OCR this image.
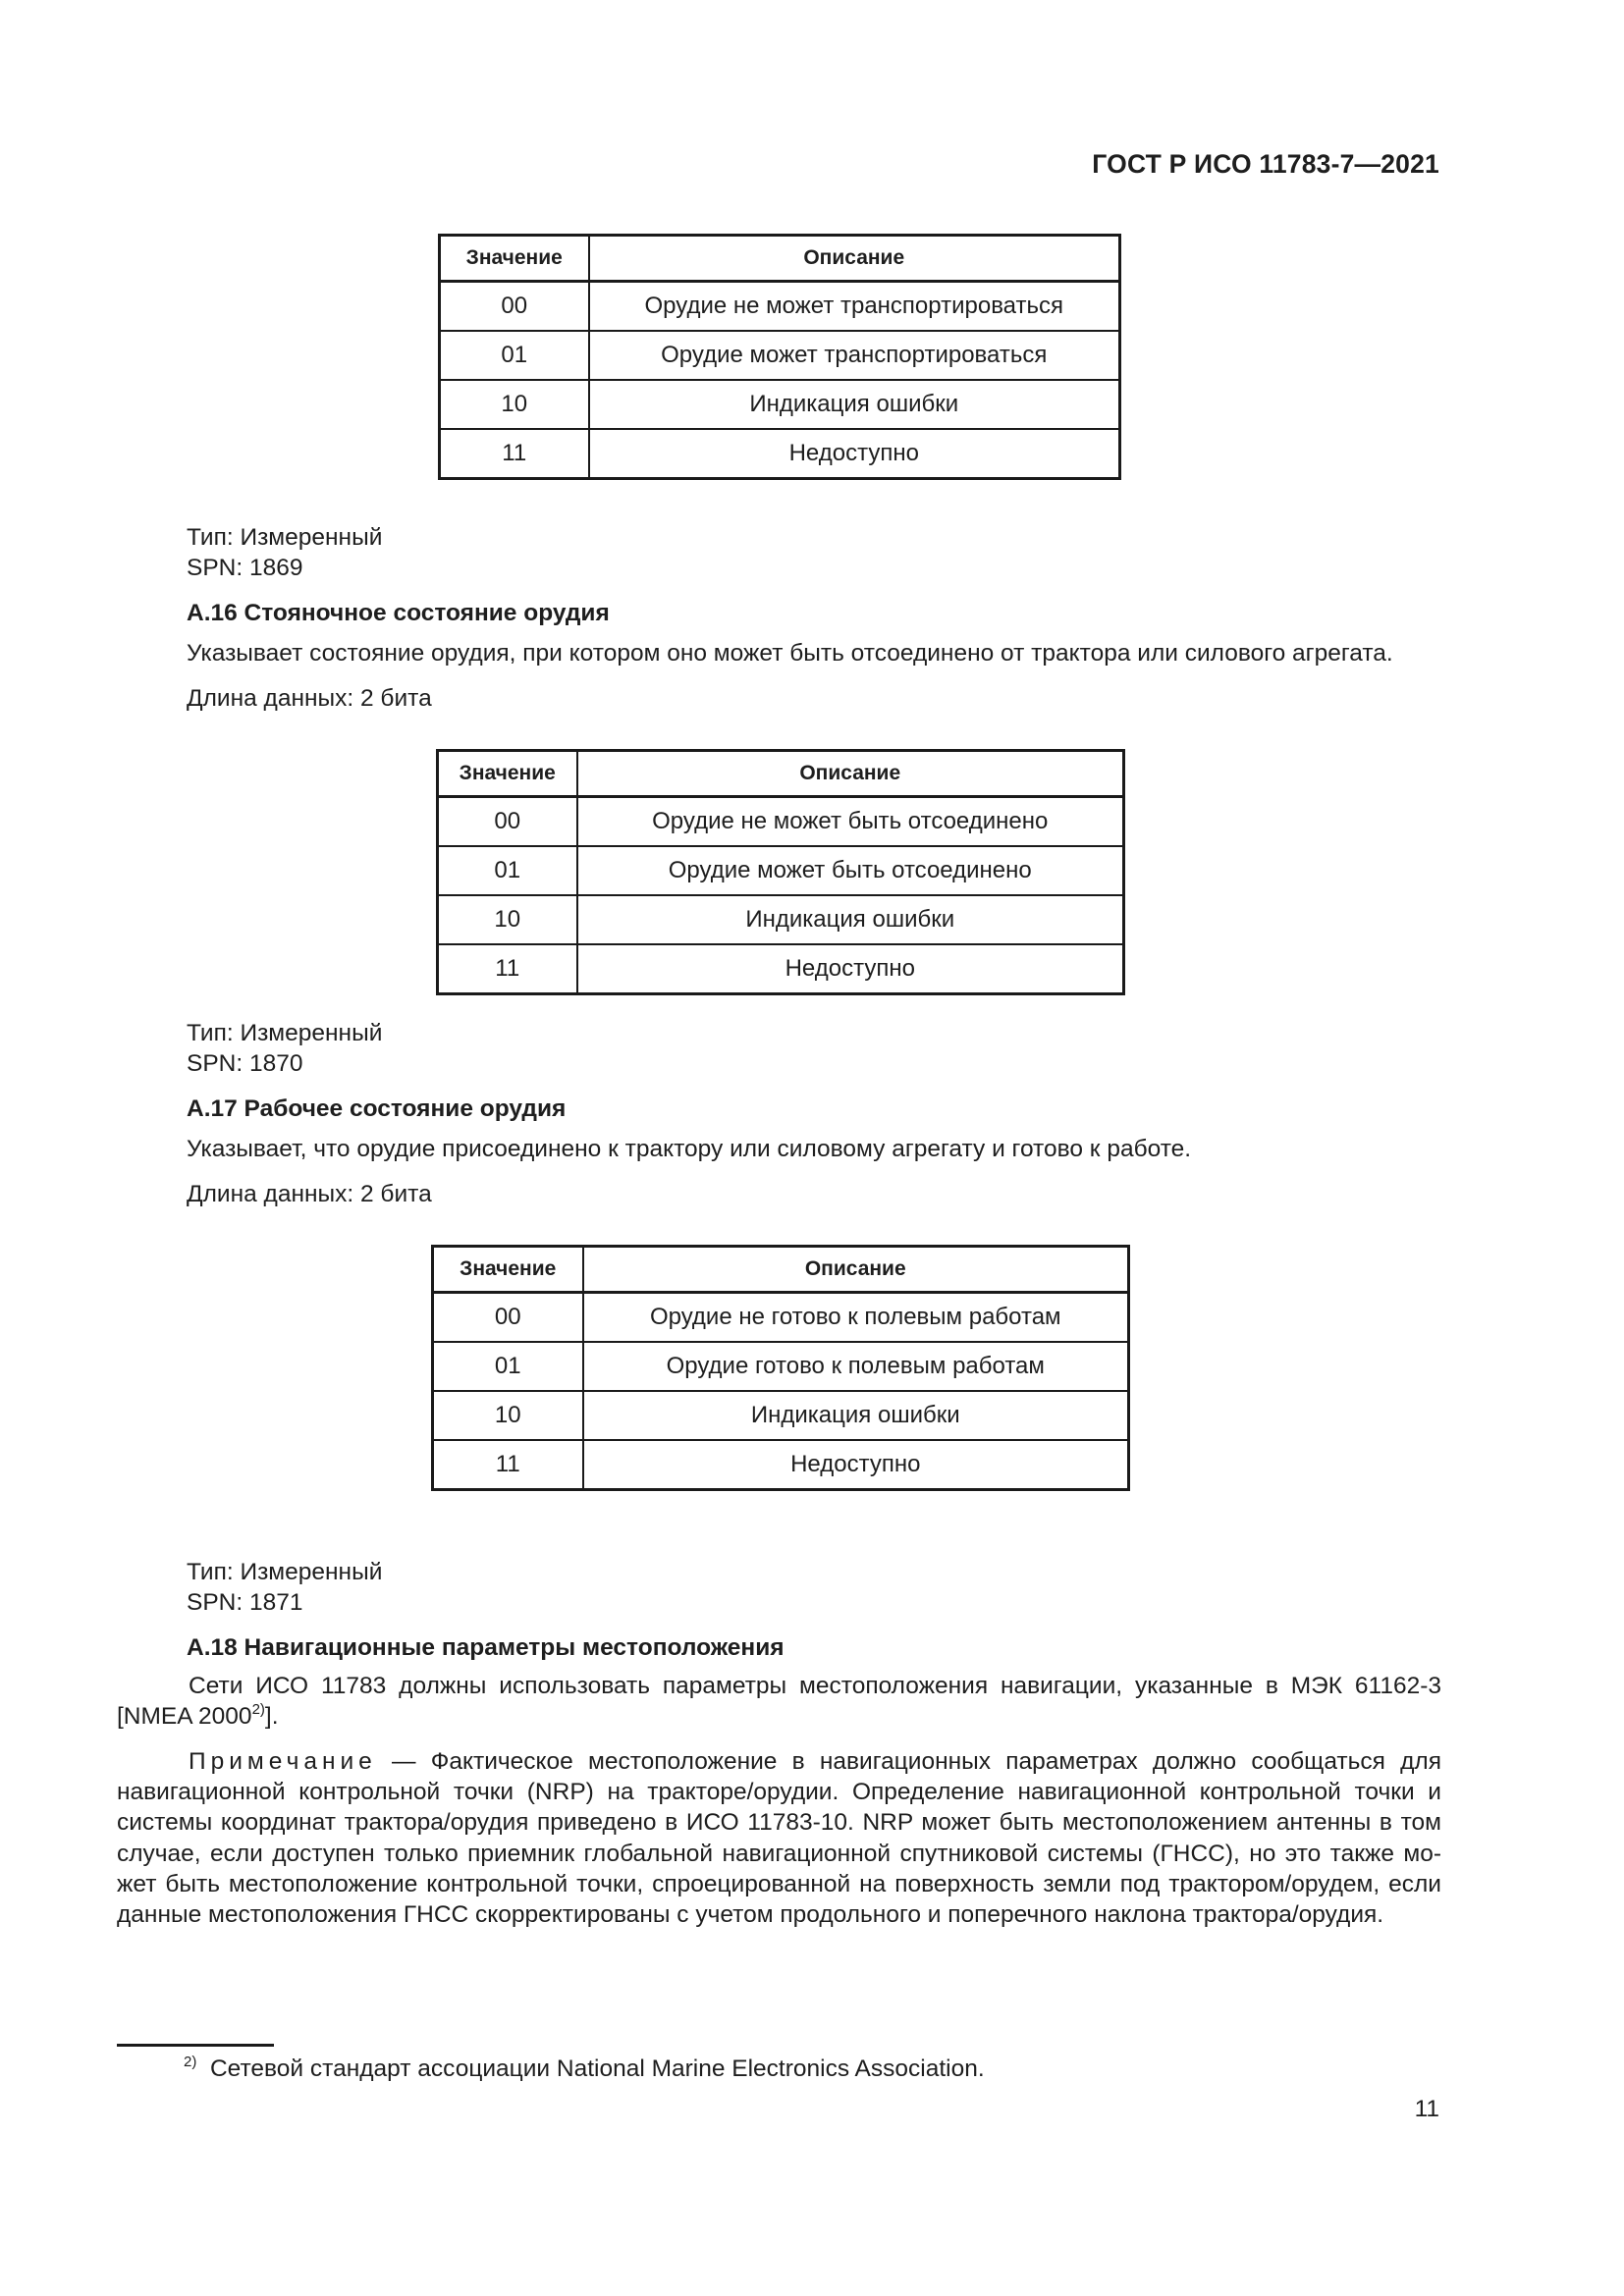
ГОСТ Р ИСО 11783-7—2021
Значение	Описание
00	Орудие не может транспортироваться
01	Орудие может транспортироваться
10	Индикация ошибки
11	Недоступно
Тип: Измеренный
SPN: 1869
А.16 Стояночное состояние орудия
Указывает состояние орудия, при котором оно может быть отсоединено от трактора или силового агрегата.
Длина данных: 2 бита
Значение	Описание
00	Орудие не может быть отсоединено
01	Орудие может быть отсоединено
10	Индикация ошибки
11	Недоступно
Тип: Измеренный
SPN: 1870
А.17 Рабочее состояние орудия
Указывает, что орудие присоединено к трактору или силовому агрегату и готово к работе.
Длина данных: 2 бита
Значение	Описание
00	Орудие не готово к полевым работам
01	Орудие готово к полевым работам
10	Индикация ошибки
11	Недоступно
Тип: Измеренный
SPN: 1871
А.18 Навигационные параметры местоположения

Сети ИСО 11783 должны использовать параметры местоположения навигации, указанные в МЭК 61162-3 [NMEA 2000$^{2)}$].

Примечание — Фактическое местоположение в навигационных параметрах должно сообщаться для навигационной контрольной точки (NRP) на тракторе/орудии. Определение навигационной контрольной точки и системы координат трактора/орудия приведено в ИСО 11783-10. NRP может быть местоположением антенны в том случае, если доступен только приемник глобальной навигационной спутниковой системы (ГНСС), но это также мо-жет быть местоположение контрольной точки, спроецированной на поверхность земли под трактором/орудем, если данные местоположения ГНСС скорректированы с учетом продольного и поперечного наклона трактора/орудия.

$^{2)}$ Сетевой стандарт ассоциации National Marine Electronics Association.
11
